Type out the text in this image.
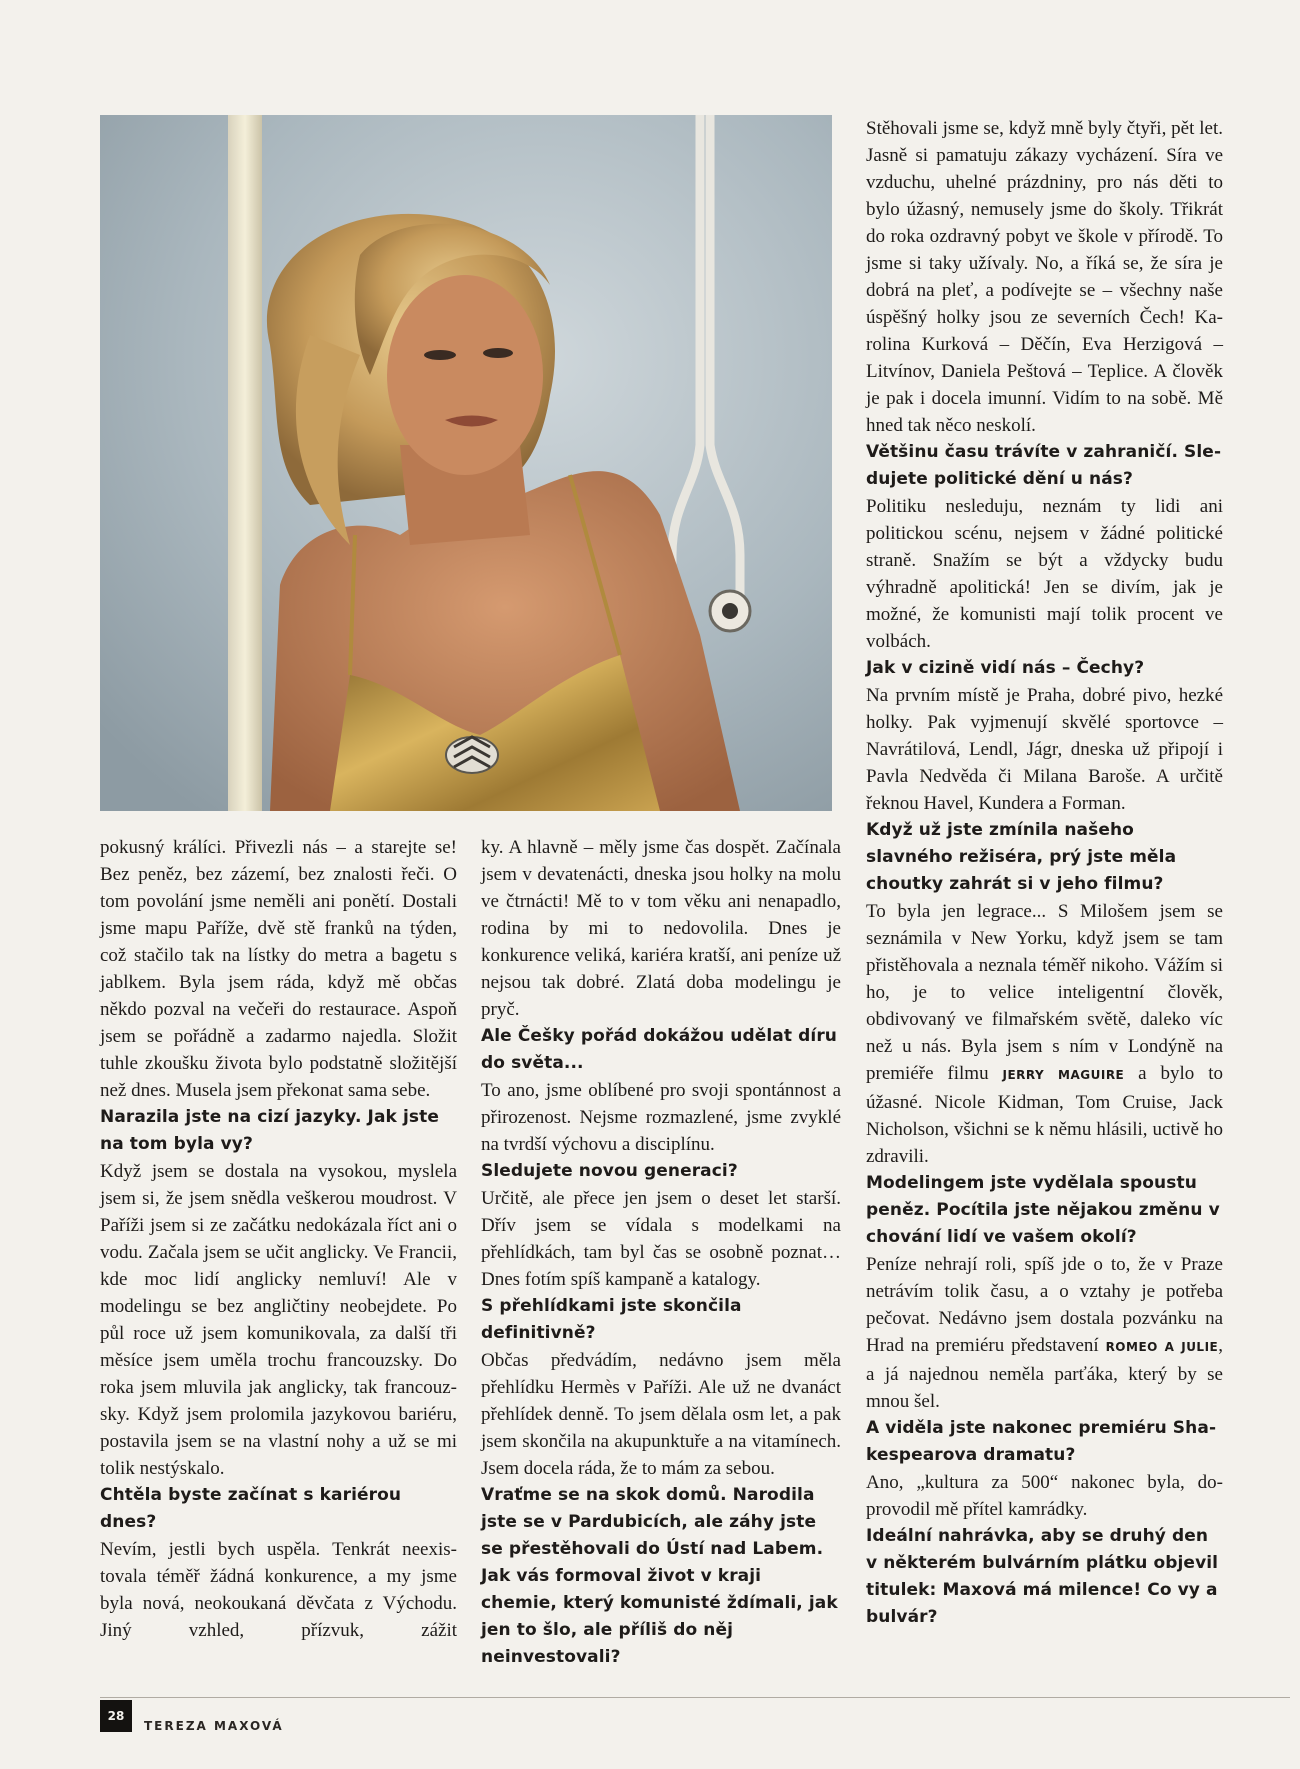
pokusný králíci. Přivezli nás – a starejte se! Bez peněz, bez zázemí, bez znalosti řeči. O tom povolání jsme neměli ani ponětí. Dostali jsme mapu Paříže, dvě stě franků na týden, což stačilo tak na lístky do metra a bagetu s jablkem. Byla jsem ráda, když mě občas někdo pozval na večeři do restaurace. Aspoň jsem se pořádně a zadarmo najedla. Složit tuhle zkoušku života bylo podstatně složitější než dnes. Musela jsem překonat sama sebe.

Narazila jste na cizí jazyky. Jak jste na tom byla vy?

Když jsem se dostala na vysokou, myslela jsem si, že jsem snědla veškerou moudrost. V Paříži jsem si ze začátku nedokázala říct ani o vodu. Začala jsem se učit anglicky. Ve Francii, kde moc lidí anglicky nemluví! Ale v modelingu se bez angličtiny neobejdete. Po půl roce už jsem komunikovala, za další tři měsíce jsem uměla trochu francouzsky. Do roka jsem mluvila jak anglicky, tak francouzsky. Když jsem prolomila jazykovou bariéru, postavila jsem se na vlastní nohy a už se mi tolik nestýskalo.

Chtěla byste začínat s kariérou dnes?

Nevím, jestli bych uspěla. Tenkrát neexistovala téměř žádná konkurence, a my jsme byla nová, neokoukaná děvčata z Východu. Jiný vzhled, přízvuk, zážit

ky. A hlavně – měly jsme čas dospět. Začínala jsem v devatenácti, dneska jsou holky na molu ve čtrnácti! Mě to v tom věku ani nenapadlo, rodina by mi to nedovolila. Dnes je konkurence veliká, kariéra kratší, ani peníze už nejsou tak dobré. Zlatá doba modelingu je pryč.

Ale Češky pořád dokážou udělat díru do světa...

To ano, jsme oblíbené pro svoji spontánnost a přirozenost. Nejsme rozmazlené, jsme zvyklé na tvrdší výchovu a disciplínu.

Sledujete novou generaci?

Určitě, ale přece jen jsem o deset let starší. Dřív jsem se vídala s modelkami na přehlídkách, tam byl čas se osobně poznat… Dnes fotím spíš kampaně a katalogy.

S přehlídkami jste skončila definitivně?

Občas předvádím, nedávno jsem měla přehlídku Hermès v Paříži. Ale už ne dvanáct přehlídek denně. To jsem dělala osm let, a pak jsem skončila na akupunktuře a na vitamínech. Jsem docela ráda, že to mám za sebou.

Vraťme se na skok domů. Narodila jste se v Pardubicích, ale záhy jste se přestěhovali do Ústí nad Labem. Jak vás formoval život v kraji chemie, který komunisté ždímali, jak jen to šlo, ale příliš do něj neinvestovali?

Stěhovali jsme se, když mně byly čtyři, pět let. Jasně si pamatuju zákazy vycházení. Síra ve vzduchu, uhelné prázdniny, pro nás děti to bylo úžasný, nemusely jsme do školy. Třikrát do roka ozdravný pobyt ve škole v přírodě. To jsme si taky užívaly. No, a říká se, že síra je dobrá na pleť, a podívejte se – všechny naše úspěšný holky jsou ze severních Čech! Karolina Kurková – Děčín, Eva Herzigová – Litvínov, Daniela Peštová – Teplice. A člověk je pak i docela imunní. Vidím to na sobě. Mě hned tak něco neskolí.

Většinu času trávíte v zahraničí. Sledujete politické dění u nás?

Politiku nesleduju, neznám ty lidi ani politickou scénu, nejsem v žádné politické straně. Snažím se být a vždycky budu výhradně apolitická! Jen se divím, jak je možné, že komunisti mají tolik procent ve volbách.

Jak v cizině vidí nás – Čechy?

Na prvním místě je Praha, dobré pivo, hezké holky. Pak vyjmenují skvělé sportovce – Navrátilová, Lendl, Jágr, dneska už připojí i Pavla Nedvěda či Milana Baroše. A určitě řeknou Havel, Kundera a Forman.

Když už jste zmínila našeho slavného režiséra, prý jste měla choutky zahrát si v jeho filmu?

To byla jen legrace... S Milošem jsem se seznámila v New Yorku, když jsem se tam přistěhovala a neznala téměř nikoho. Vážím si ho, je to velice inteligentní člověk, obdivovaný ve filmařském světě, daleko víc než u nás. Byla jsem s ním v Londýně na premiéře filmu JERRY MAGUIRE a bylo to úžasné. Nicole Kidman, Tom Cruise, Jack Nicholson, všichni se k němu hlásili, uctivě ho zdravili.

Modelingem jste vydělala spoustu peněz. Pocítila jste nějakou změnu v chování lidí ve vašem okolí?

Peníze nehrají roli, spíš jde o to, že v Praze netrávím tolik času, a o vztahy je potřeba pečovat. Nedávno jsem dostala pozvánku na Hrad na premiéru představení ROMEO A JULIE, a já najednou neměla parťáka, který by se mnou šel.

A viděla jste nakonec premiéru Shakespearova dramatu?

Ano, „kultura za 500“ nakonec byla, doprovodil mě přítel kamrádky.

Ideální nahrávka, aby se druhý den v některém bulvárním plátku objevil titulek: Maxová má milence! Co vy a bulvár?

28
TEREZA MAXOVÁ
